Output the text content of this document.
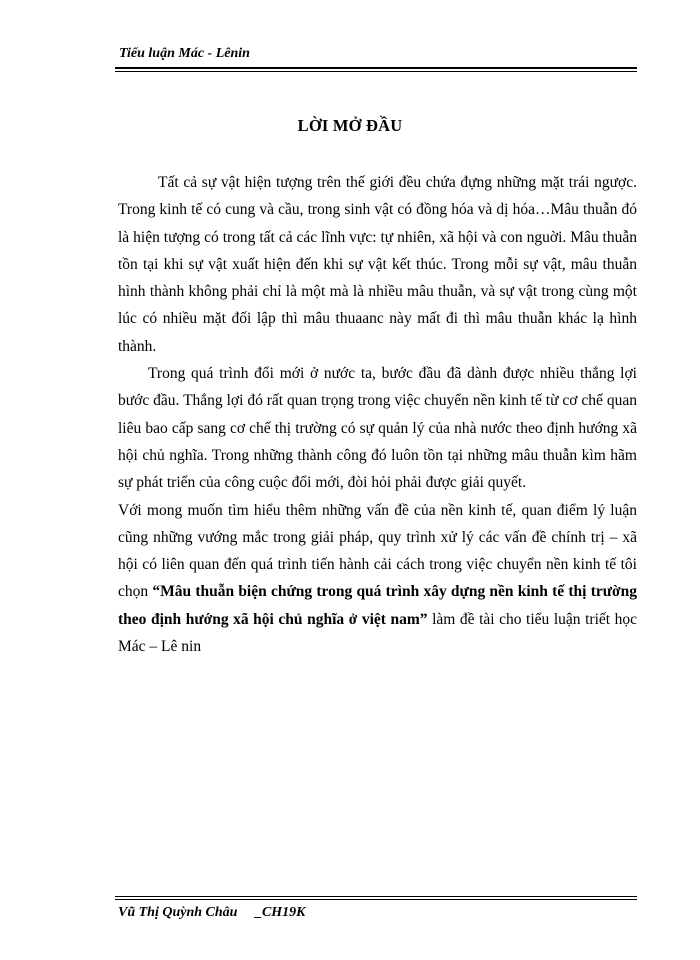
Tiểu luận Mác - Lênin

LỜI MỞ ĐẦU

Tất cả sự vật hiện tượng trên thế giới đều chứa đựng những mặt trái ngược. Trong kinh tế có cung và cầu, trong sinh vật có đồng hóa và dị hóa…Mâu thuẫn đó là hiện tượng có trong tất cả các lĩnh vực: tự nhiên, xã hội và con nguời. Mâu thuẫn tồn tại khi sự vật xuất hiện đến khi sự vật kết thúc. Trong mỗi sự vật, mâu thuẫn hình thành không phải chỉ là một mà là nhiều mâu thuẫn, và sự vật trong cùng một lúc có nhiều mặt đối lập thì mâu thuaanc này mất đi thì mâu thuẫn khác lạ hình thành.

Trong quá trình đổi mới ở nước ta, bước đầu đã dành được nhiều thắng lợi bước đầu. Thắng lợi đó rất quan trọng trong việc chuyển nền kinh tế từ cơ chế quan liêu bao cấp sang cơ chế thị trường có sự quản lý của nhà nước theo định hướng xã hội chủ nghĩa. Trong những thành công đó luôn tồn tại những mâu thuẫn kìm hãm sự phát triển của công cuộc đổi mới, đòi hỏi phải được giải quyết.

Với mong muốn tìm hiểu thêm những vấn đề của nền kinh tế, quan điểm lý luận cũng những vướng mắc trong giải pháp, quy trình xử lý các vấn đề chính trị – xã hội có liên quan đến quá trình tiến hành cải cách trong việc chuyển nền kinh tế tôi chọn “Mâu thuẫn biện chứng trong quá trình xây dựng nền kinh tế thị trường theo định hướng xã hội chủ nghĩa ở việt nam” làm đề tài cho tiểu luận triết học Mác – Lê nin

Vũ Thị Quỳnh Châu _CH19K
